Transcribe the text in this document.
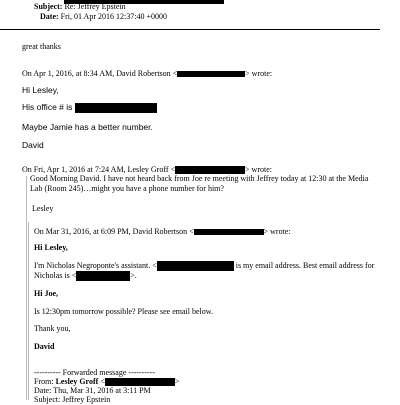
Subject: Re: Jeffrey Epstein
Date: Fri, 01 Apr 2016 12:37:40 +0000
great thanks
On Apr 1, 2016, at 8:34 AM, David Robertson <	> wrote:
Hi Lesley,
His office # is
Maybe Jamie has a better number.
David
On Fri, Apr 1, 2016 at 7:24 AM, Lesley Groff <	> wrote:
Good Morning David. I have not heard back from Joe re meeting with Jeffrey today at 12:30 at the Media
Lab (Room 245)…might you have a phone number for him?
Lesley
On Mar 31, 2016, at 6:09 PM, David Robertson <	> wrote:
Hi Lesley,
I'm Nicholas Negroponte's assistant. <	is my email address. Best email address for
Nicholas is <	>.
Hi Joe,
Is 12:30pm tomorrow possible? Please see email below.
Thank you,
David
---------- Forwarded message ----------
From: Lesley Groff <	>
Date: Thu, Mar 31, 2016 at 3:11 PM
Subject: Jeffrey Epstein
